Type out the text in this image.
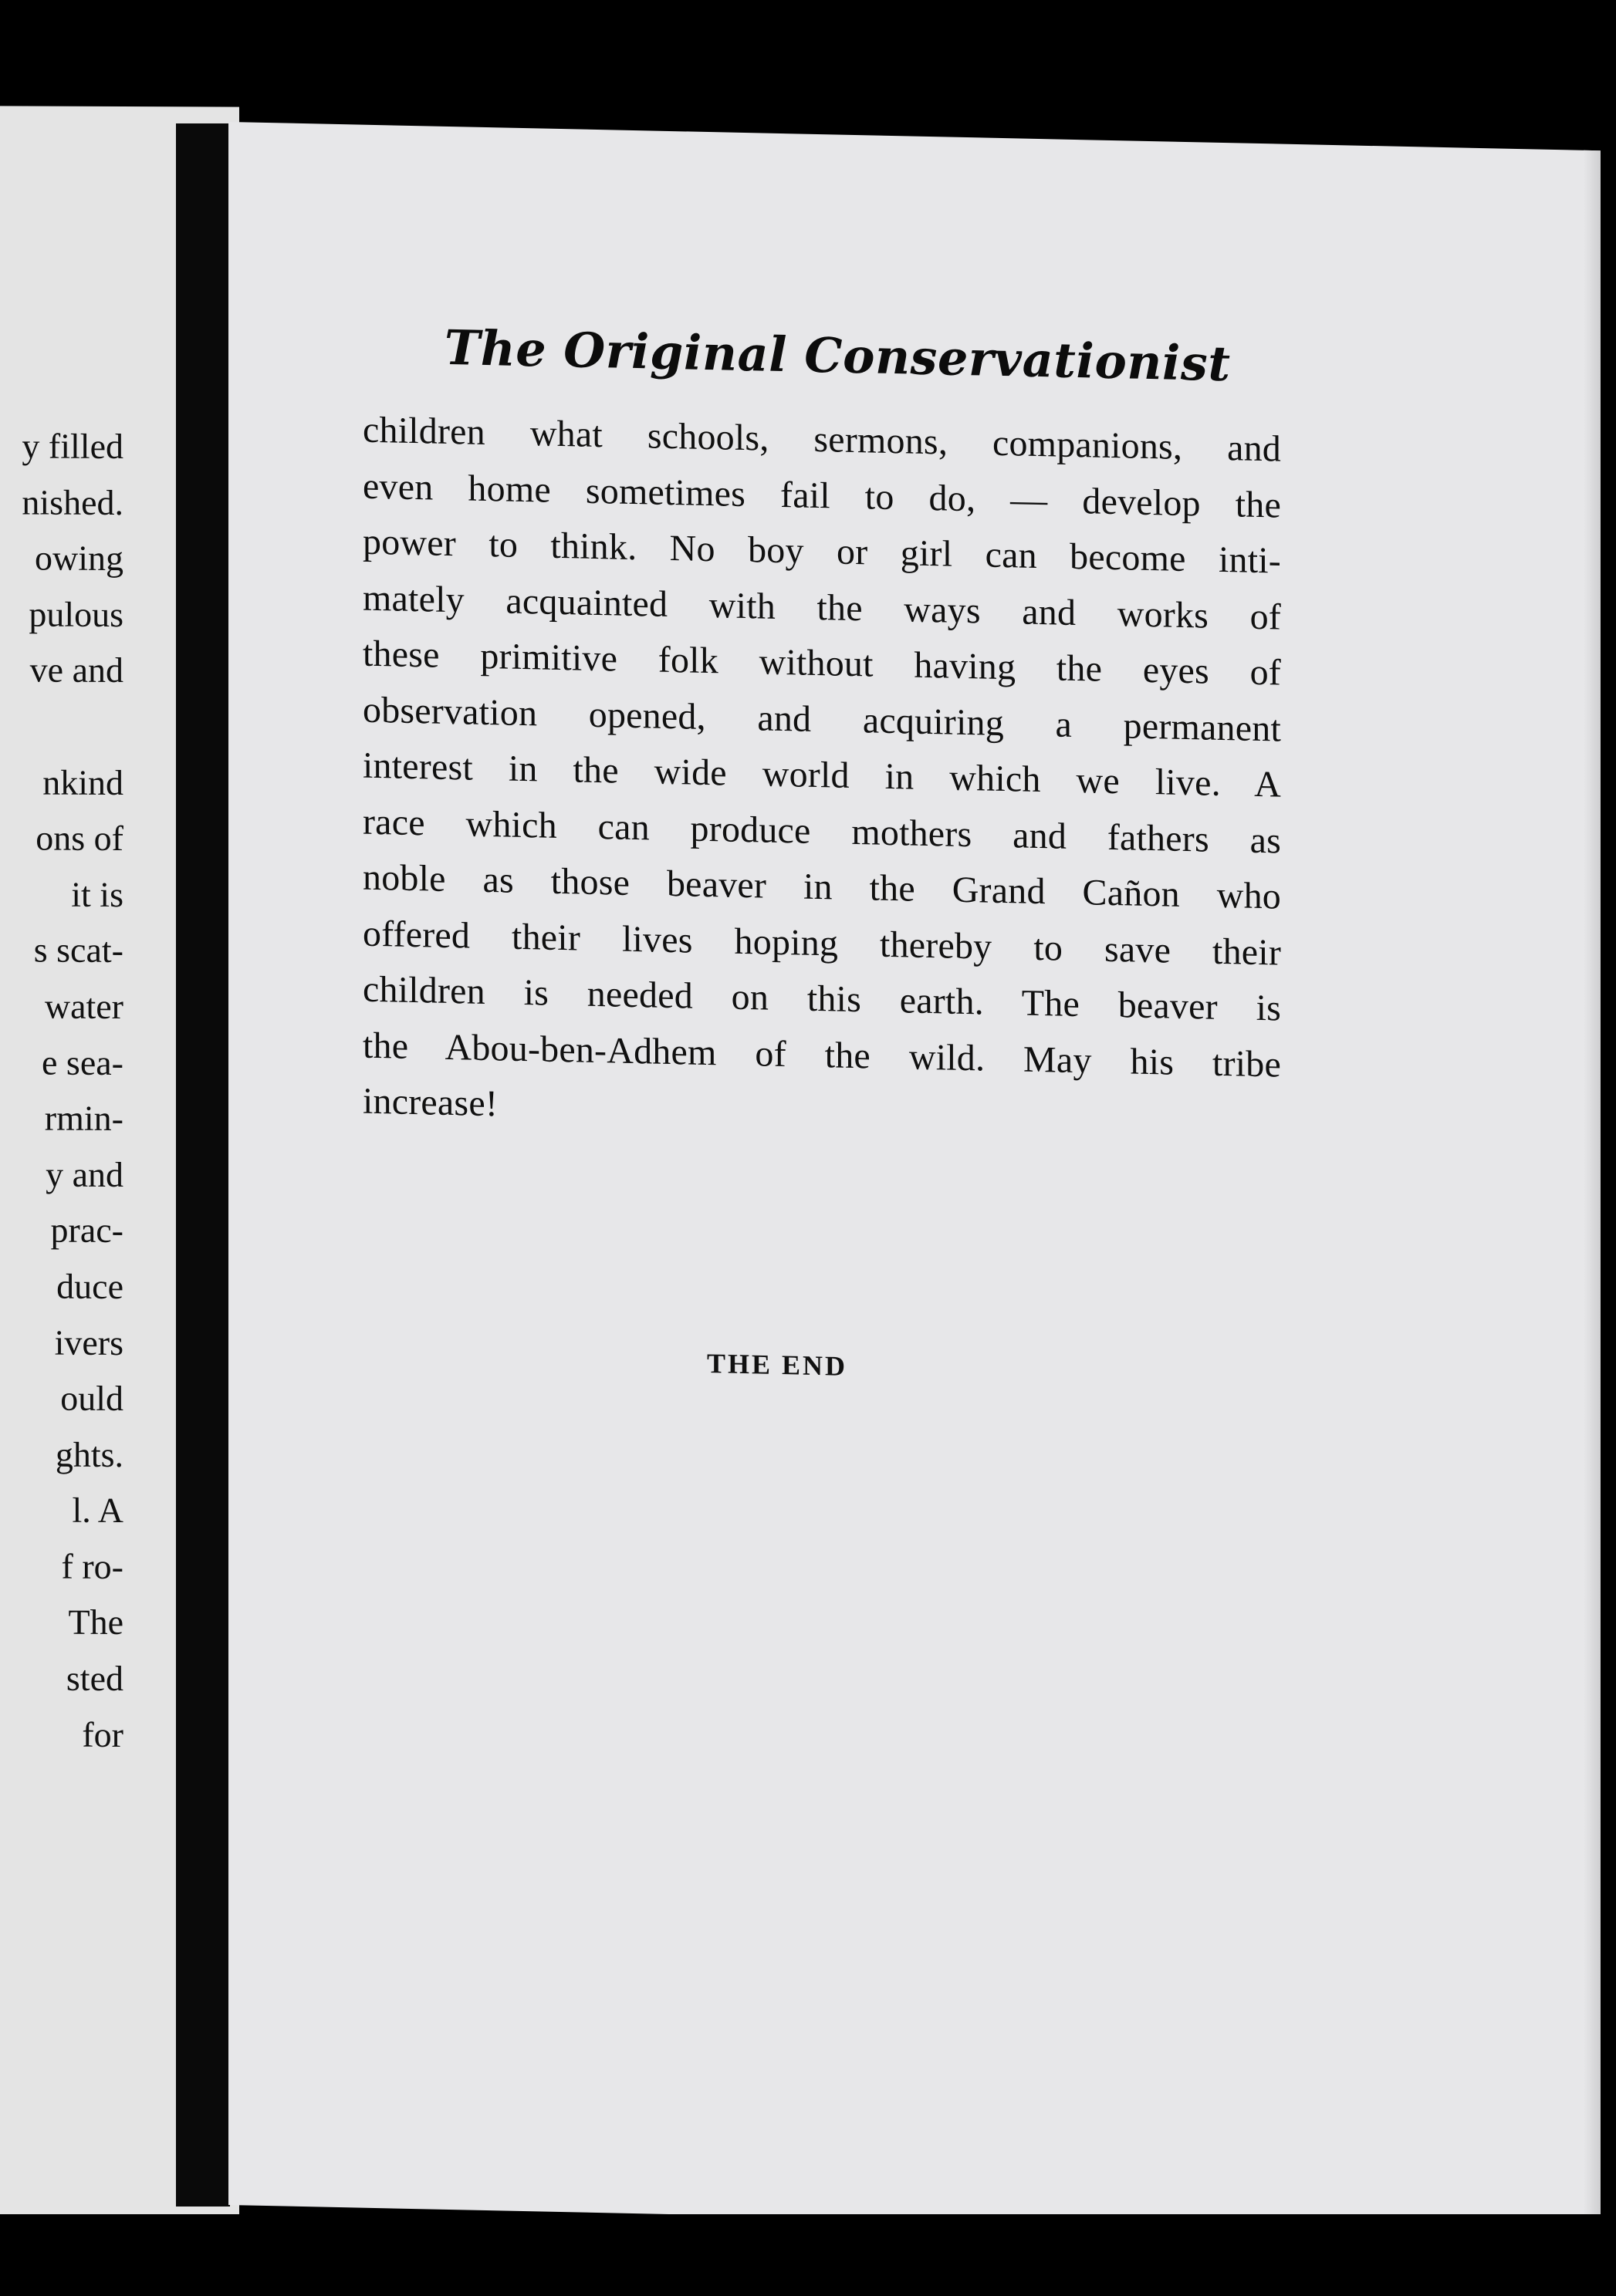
y filled
nished.
owing
pulous
ve and

nkind
ons of
it is
s scat-
water
e sea-
rmin-
y and
prac-
duce
ivers
ould
ghts.
l. A
f ro-
The
sted
for
The Original Conservationist
children what schools, sermons, companions, and
even home sometimes fail to do, — develop the
power to think. No boy or girl can become inti-
mately acquainted with the ways and works of
these primitive folk without having the eyes of
observation opened, and acquiring a permanent
interest in the wide world in which we live. A
race which can produce mothers and fathers as
noble as those beaver in the Grand Cañon who
offered their lives hoping thereby to save their
children is needed on this earth. The beaver is
the Abou-ben-Adhem of the wild. May his tribe
increase!
THE END
